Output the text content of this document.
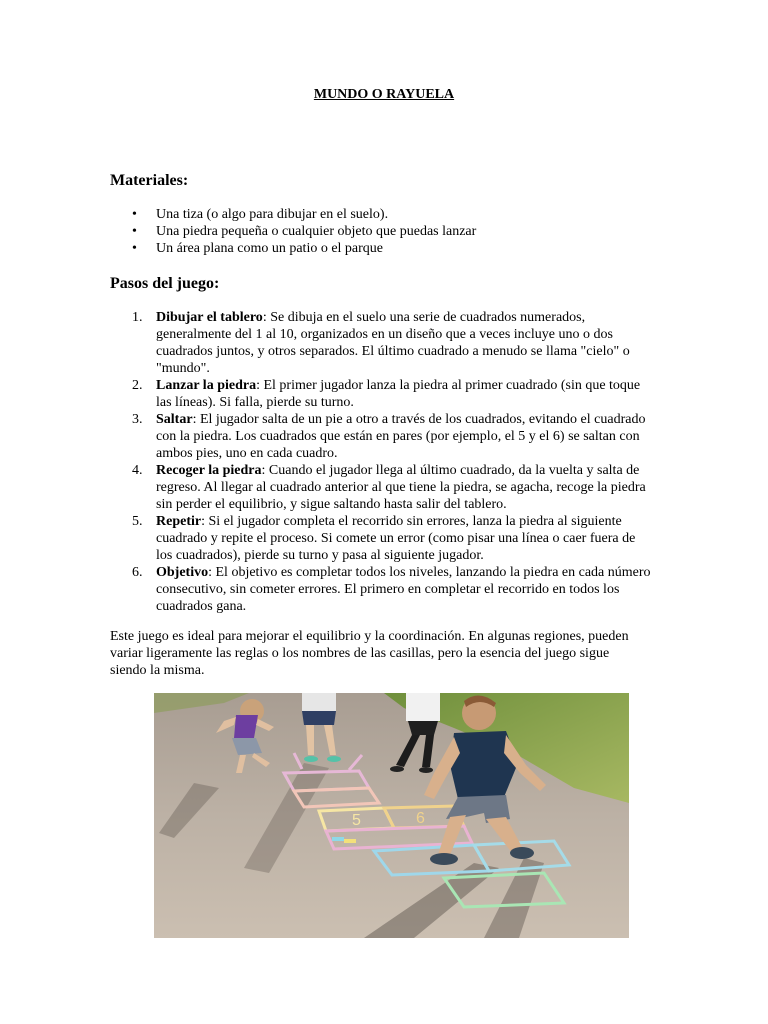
MUNDO O RAYUELA
Materiales:
• Una tiza (o algo para dibujar en el suelo).
• Una piedra pequeña o cualquier objeto que puedas lanzar
• Un área plana como un patio o el parque
Pasos del juego:
1. Dibujar el tablero: Se dibuja en el suelo una serie de cuadrados numerados, generalmente del 1 al 10, organizados en un diseño que a veces incluye uno o dos cuadrados juntos, y otros separados. El último cuadrado a menudo se llama "cielo" o "mundo".
2. Lanzar la piedra: El primer jugador lanza la piedra al primer cuadrado (sin que toque las líneas). Si falla, pierde su turno.
3. Saltar: El jugador salta de un pie a otro a través de los cuadrados, evitando el cuadrado con la piedra. Los cuadrados que están en pares (por ejemplo, el 5 y el 6) se saltan con ambos pies, uno en cada cuadro.
4. Recoger la piedra: Cuando el jugador llega al último cuadrado, da la vuelta y salta de regreso. Al llegar al cuadrado anterior al que tiene la piedra, se agacha, recoge la piedra sin perder el equilibrio, y sigue saltando hasta salir del tablero.
5. Repetir: Si el jugador completa el recorrido sin errores, lanza la piedra al siguiente cuadrado y repite el proceso. Si comete un error (como pisar una línea o caer fuera de los cuadrados), pierde su turno y pasa al siguiente jugador.
6. Objetivo: El objetivo es completar todos los niveles, lanzando la piedra en cada número consecutivo, sin cometer errores. El primero en completar el recorrido en todos los cuadrados gana.

Este juego es ideal para mejorar el equilibrio y la coordinación. En algunas regiones, pueden variar ligeramente las reglas o los nombres de las casillas, pero la esencia del juego sigue siendo la misma.

5	6
